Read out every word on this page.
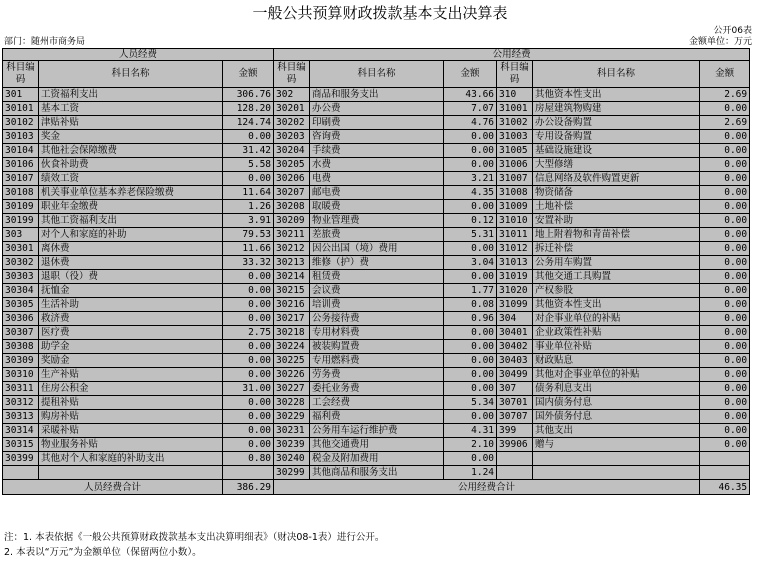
一般公共预算财政拨款基本支出决算表
公开06表
部门：随州市商务局	金额单位：万元
人员经费			公用经费					
科目编码	科目名称	金额	科目编码	科目名称	金额	科目编码	科目名称	金额
301	工资福利支出	306.76	302	商品和服务支出	43.66	310	其他资本性支出	2.69
30101	基本工资	128.20	30201	办公费	7.07	31001	房屋建筑物购建	0.00
30102	津贴补贴	124.74	30202	印刷费	4.76	31002	办公设备购置	2.69
30103	奖金	0.00	30203	咨询费	0.00	31003	专用设备购置	0.00
30104	其他社会保障缴费	31.42	30204	手续费	0.00	31005	基础设施建设	0.00
30106	伙食补助费	5.58	30205	水费	0.00	31006	大型修缮	0.00
30107	绩效工资	0.00	30206	电费	3.21	31007	信息网络及软件购置更新	0.00
30108	机关事业单位基本养老保险缴费	11.64	30207	邮电费	4.35	31008	物资储备	0.00
30109	职业年金缴费	1.26	30208	取暖费	0.00	31009	土地补偿	0.00
30199	其他工资福利支出	3.91	30209	物业管理费	0.12	31010	安置补助	0.00
303	对个人和家庭的补助	79.53	30211	差旅费	5.31	31011	地上附着物和青苗补偿	0.00
30301	离休费	11.66	30212	因公出国（境）费用	0.00	31012	拆迁补偿	0.00
30302	退休费	33.32	30213	维修（护）费	3.04	31013	公务用车购置	0.00
30303	退职（役）费	0.00	30214	租赁费	0.00	31019	其他交通工具购置	0.00
30304	抚恤金	0.00	30215	会议费	1.77	31020	产权参股	0.00
30305	生活补助	0.00	30216	培训费	0.08	31099	其他资本性支出	0.00
30306	救济费	0.00	30217	公务接待费	0.96	304	对企事业单位的补贴	0.00
30307	医疗费	2.75	30218	专用材料费	0.00	30401	企业政策性补贴	0.00
30308	助学金	0.00	30224	被装购置费	0.00	30402	事业单位补贴	0.00
30309	奖励金	0.00	30225	专用燃料费	0.00	30403	财政贴息	0.00
30310	生产补贴	0.00	30226	劳务费	0.00	30499	其他对企事业单位的补贴	0.00
30311	住房公积金	31.00	30227	委托业务费	0.00	307	债务利息支出	0.00
30312	提租补贴	0.00	30228	工会经费	5.34	30701	国内债务付息	0.00
30313	购房补贴	0.00	30229	福利费	0.00	30707	国外债务付息	0.00
30314	采暖补贴	0.00	30231	公务用车运行维护费	4.31	399	其他支出	0.00
30315	物业服务补贴	0.00	30239	其他交通费用	2.10	39906	赠与	0.00
30399	其他对个人和家庭的补助支出	0.80	30240	税金及附加费用	0.00			
			30299	其他商品和服务支出	1.24			
人员经费合计		386.29	公用经费合计					46.35
注：1. 本表依据《一般公共预算财政拨款基本支出决算明细表》（财决08-1表）进行公开。
2. 本表以“万元”为金额单位（保留两位小数）。
